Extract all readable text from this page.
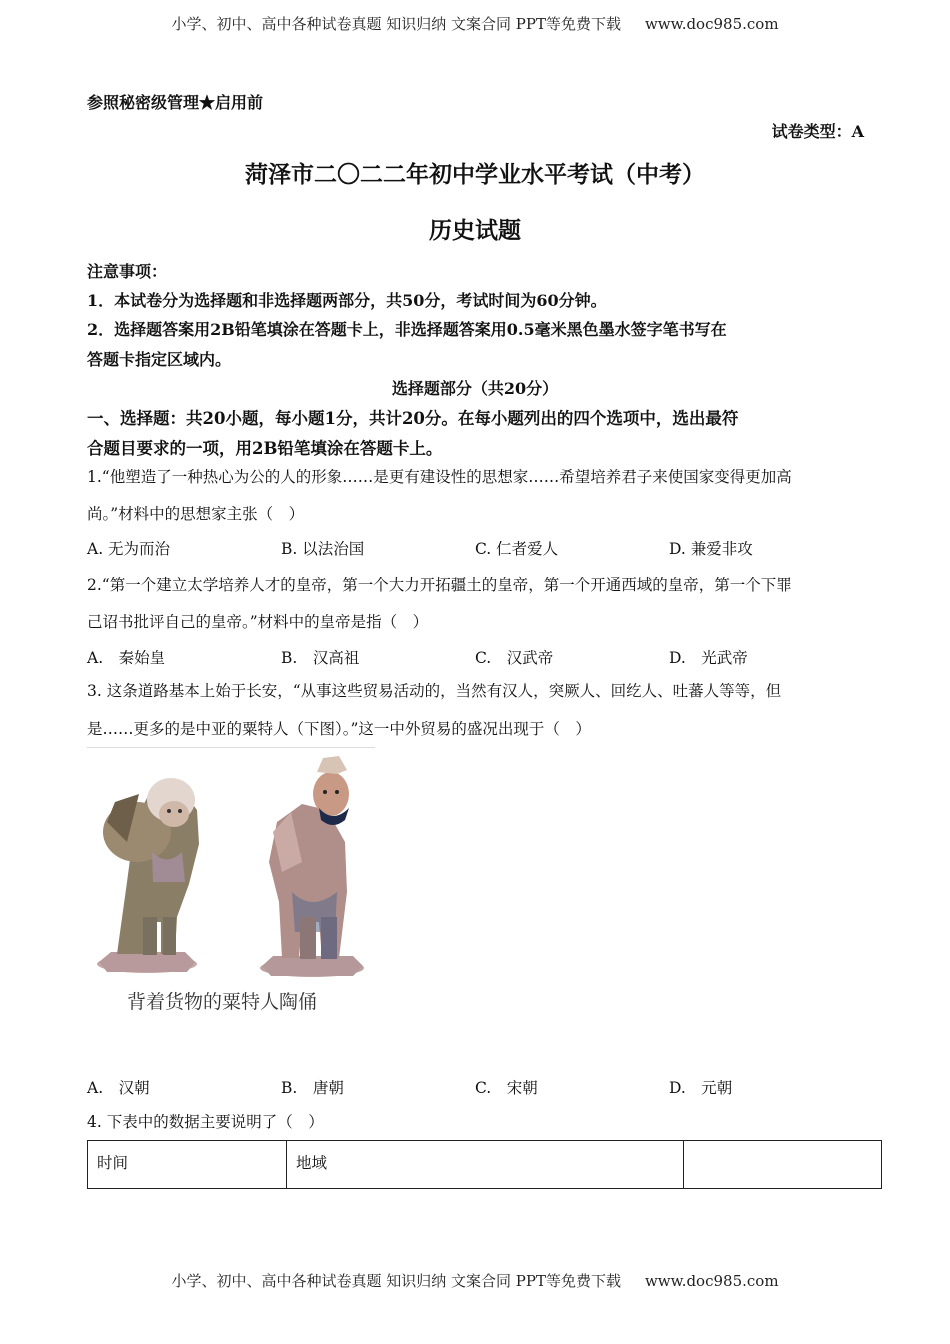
小学、初中、高中各种试卷真题 知识归纳 文案合同 PPT等免费下载 www.doc985.com
参照秘密级管理★启用前
试卷类型：A
菏泽市二〇二二年初中学业水平考试（中考）
历史试题
注意事项：
1．本试卷分为选择题和非选择题两部分，共50分，考试时间为60分钟。
2．选择题答案用2B铅笔填涂在答题卡上，非选择题答案用0.5毫米黑色墨水签字笔书写在
答题卡指定区域内。
选择题部分（共20分）
一、选择题：共20小题，每小题1分，共计20分。在每小题列出的四个选项中，选出最符
合题目要求的一项，用2B铅笔填涂在答题卡上。
1.“他塑造了一种热心为公的人的形象……是更有建设性的思想家……希望培养君子来使国家变得更加高
尚。”材料中的思想家主张（　）
A. 无为而治	B. 以法治国	C. 仁者爱人	D. 兼爱非攻
2.“第一个建立太学培养人才的皇帝，第一个大力开拓疆土的皇帝，第一个开通西域的皇帝，第一个下罪
己诏书批评自己的皇帝。”材料中的皇帝是指（　）
A.　秦始皇	B.　汉高祖	C.　汉武帝	D.　光武帝
3. 这条道路基本上始于长安，“从事这些贸易活动的，当然有汉人，突厥人、回纥人、吐蕃人等等，但
是……更多的是中亚的粟特人（下图）。”这一中外贸易的盛况出现于（　）
背着货物的粟特人陶俑
A.　汉朝	B.　唐朝	C.　宋朝	D.　元朝
4. 下表中的数据主要说明了（　）
时间	地域	
小学、初中、高中各种试卷真题 知识归纳 文案合同 PPT等免费下载 www.doc985.com
